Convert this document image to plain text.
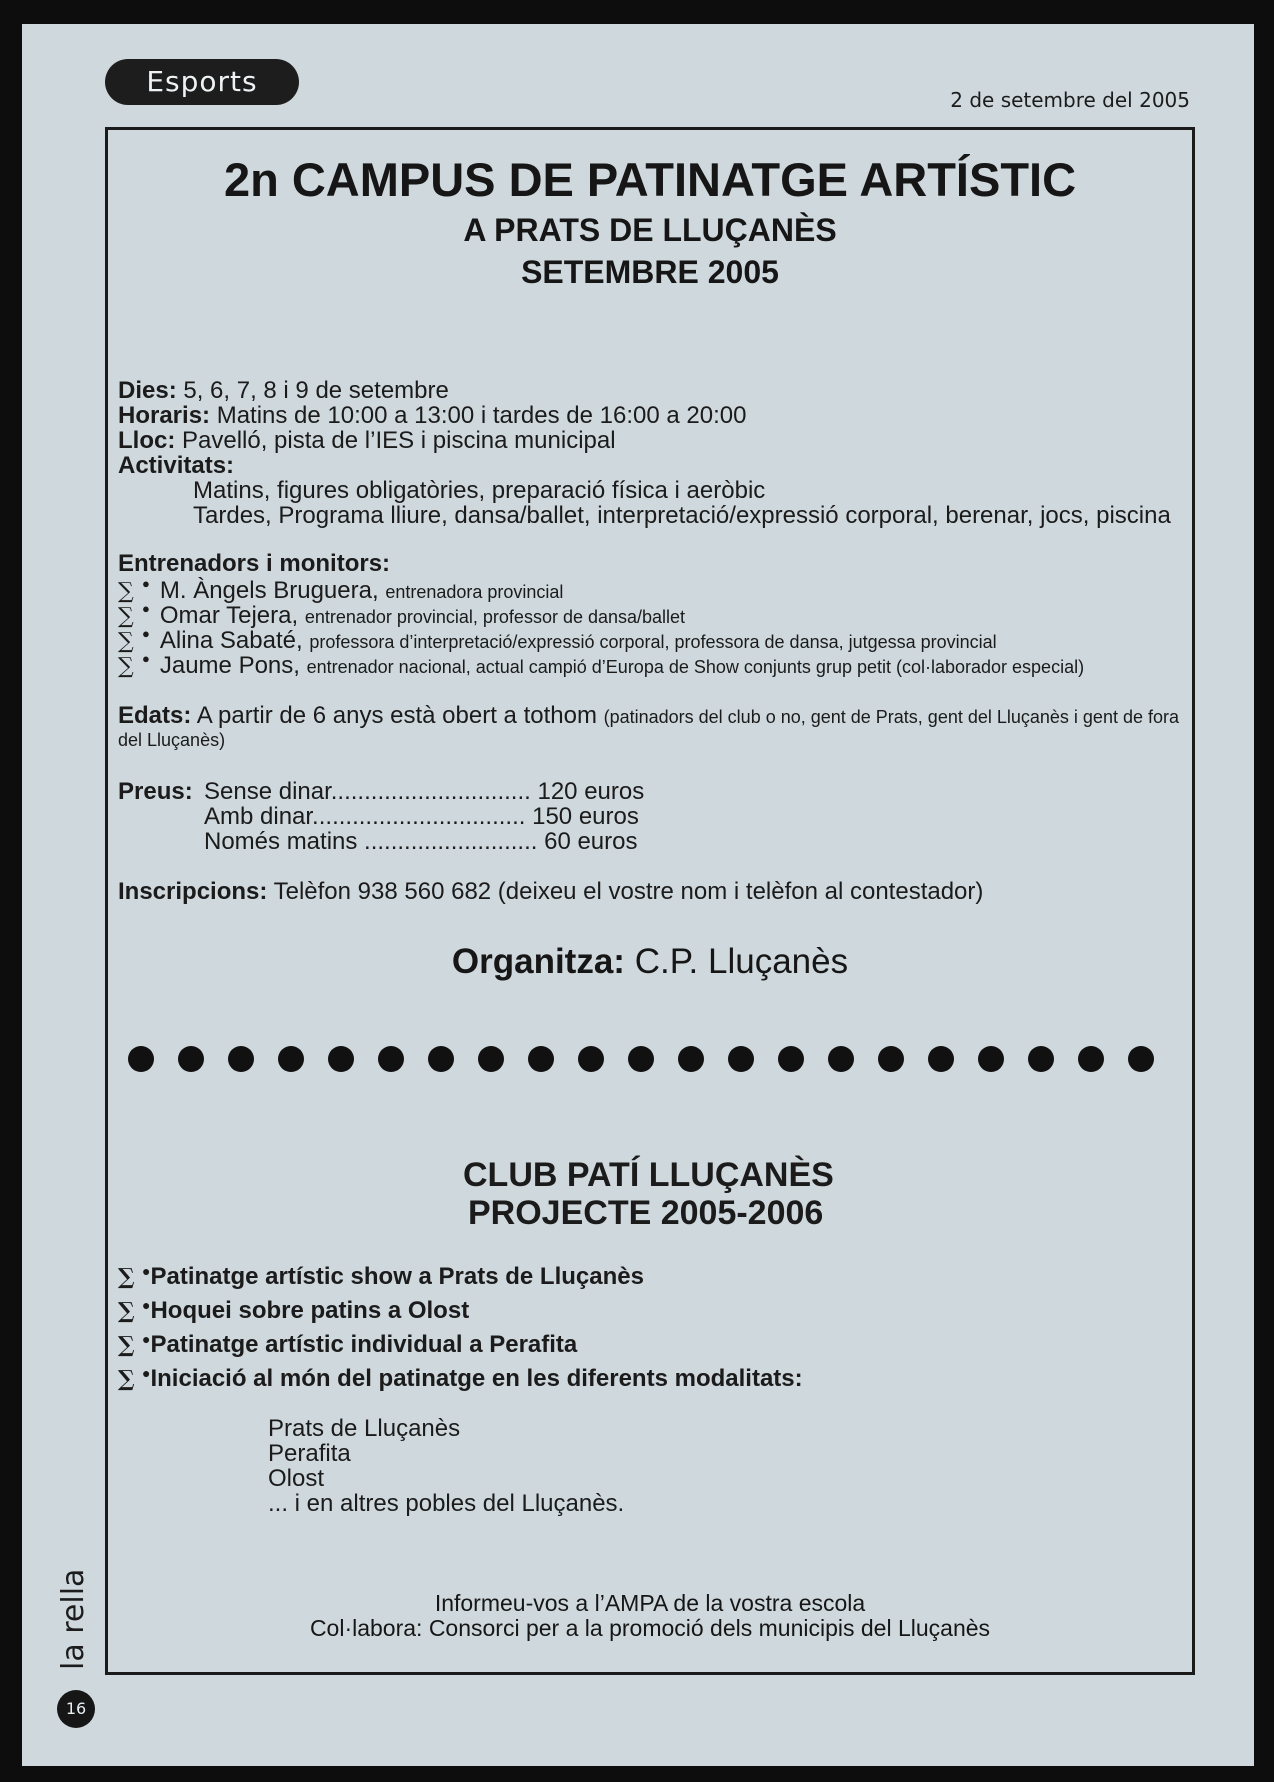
Esports
2 de setembre del 2005
2n CAMPUS DE PATINATGE ARTÍSTIC
A PRATS DE LLUÇANÈS
SETEMBRE 2005
Dies: 5, 6, 7, 8 i 9 de setembre
Horaris: Matins de 10:00 a 13:00 i tardes de 16:00 a 20:00
Lloc: Pavelló, pista de l’IES i piscina municipal
Activitats:
Matins, figures obligatòries, preparació física i aeròbic
Tardes, Programa lliure, dansa/ballet, interpretació/expressió corporal, berenar, jocs, piscina
Entrenadors i monitors:
∑ ● M. Àngels Bruguera, entrenadora provincial
∑ ● Omar Tejera, entrenador provincial, professor de dansa/ballet
∑ ● Alina Sabaté, professora d’interpretació/expressió corporal, professora de dansa, jutgessa provincial
∑ ● Jaume Pons, entrenador nacional, actual campió d’Europa de Show conjunts grup petit (col·laborador especial)
Edats: A partir de 6 anys està obert a tothom (patinadors del club o no, gent de Prats, gent del Lluçanès i gent de fora
del Lluçanès)
Preus: Sense dinar.............................. 120 euros
Amb dinar................................ 150 euros
Només matins .......................... 60 euros
Inscripcions: Telèfon 938 560 682 (deixeu el vostre nom i telèfon al contestador)
Organitza: C.P. Lluçanès
CLUB PATÍ LLUÇANÈS
PROJECTE 2005-2006
∑ ●Patinatge artístic show a Prats de Lluçanès
∑ ●Hoquei sobre patins a Olost
∑ ●Patinatge artístic individual a Perafita
∑ ●Iniciació al món del patinatge en les diferents modalitats:
Prats de Lluçanès
Perafita
Olost
... i en altres pobles del Lluçanès.
Informeu-vos a l’AMPA de la vostra escola
Col·labora: Consorci per a la promoció dels municipis del Lluçanès
la rella
16
